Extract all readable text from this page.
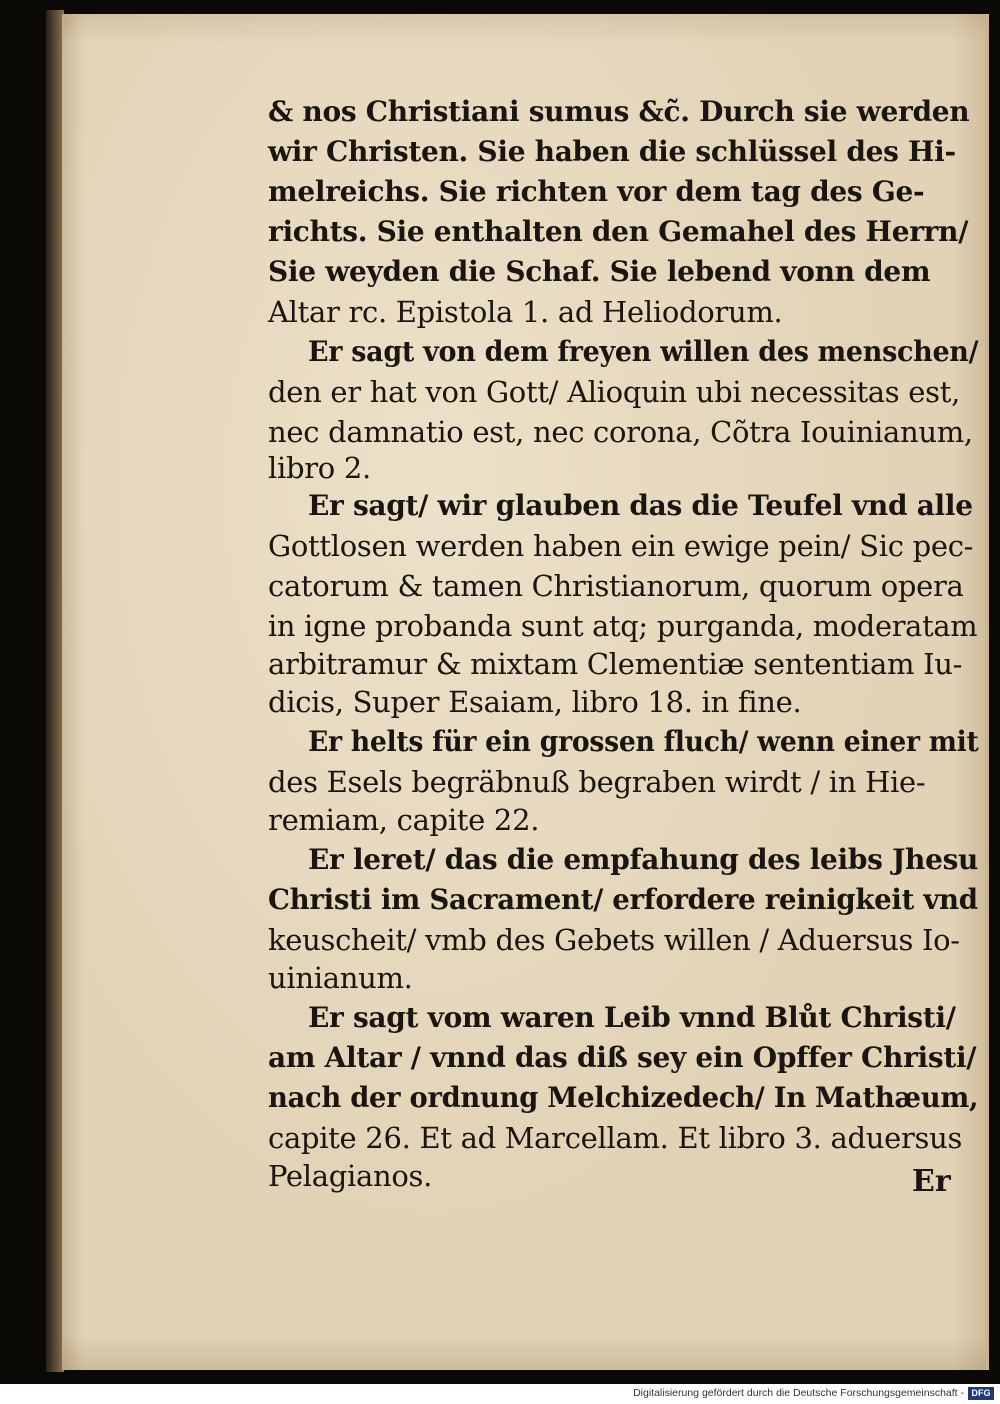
& nos Christiani sumus &c̃. Durch sie werden
wir Christen. Sie haben die schlüssel des Hi-
melreichs. Sie richten vor dem tag des Ge-
richts. Sie enthalten den Gemahel des Herrn/
Sie weyden die Schaf. Sie lebend vonn dem
Altar rc. Epistola 1. ad Heliodorum.
Er sagt von dem freyen willen des menschen/
den er hat von Gott/ Alioquin ubi necessitas est,
nec damnatio est, nec corona, Cõtra Iouinianum,
libro 2.
Er sagt/ wir glauben das die Teufel vnd alle
Gottlosen werden haben ein ewige pein/ Sic pec-
catorum & tamen Christianorum, quorum opera
in igne probanda sunt atq; purganda, moderatam
arbitramur & mixtam Clementiæ sententiam Iu-
dicis, Super Esaiam, libro 18. in fine.
Er helts für ein grossen fluch/ wenn einer mit
des Esels begräbnuß begraben wirdt / in Hie-
remiam, capite 22.
Er leret/ das die empfahung des leibs Jhesu
Christi im Sacrament/ erfordere reinigkeit vnd
keuscheit/ vmb des Gebets willen / Aduersus Io-
uinianum.
Er sagt vom waren Leib vnnd Blůt Christi/
am Altar / vnnd das diß sey ein Opffer Christi/
nach der ordnung Melchizedech/ In Mathæum,
capite 26. Et ad Marcellam. Et libro 3. aduersus
Pelagianos.	Er
Digitalisierung gefördert durch die Deutsche Forschungsgemeinschaft - DFG
